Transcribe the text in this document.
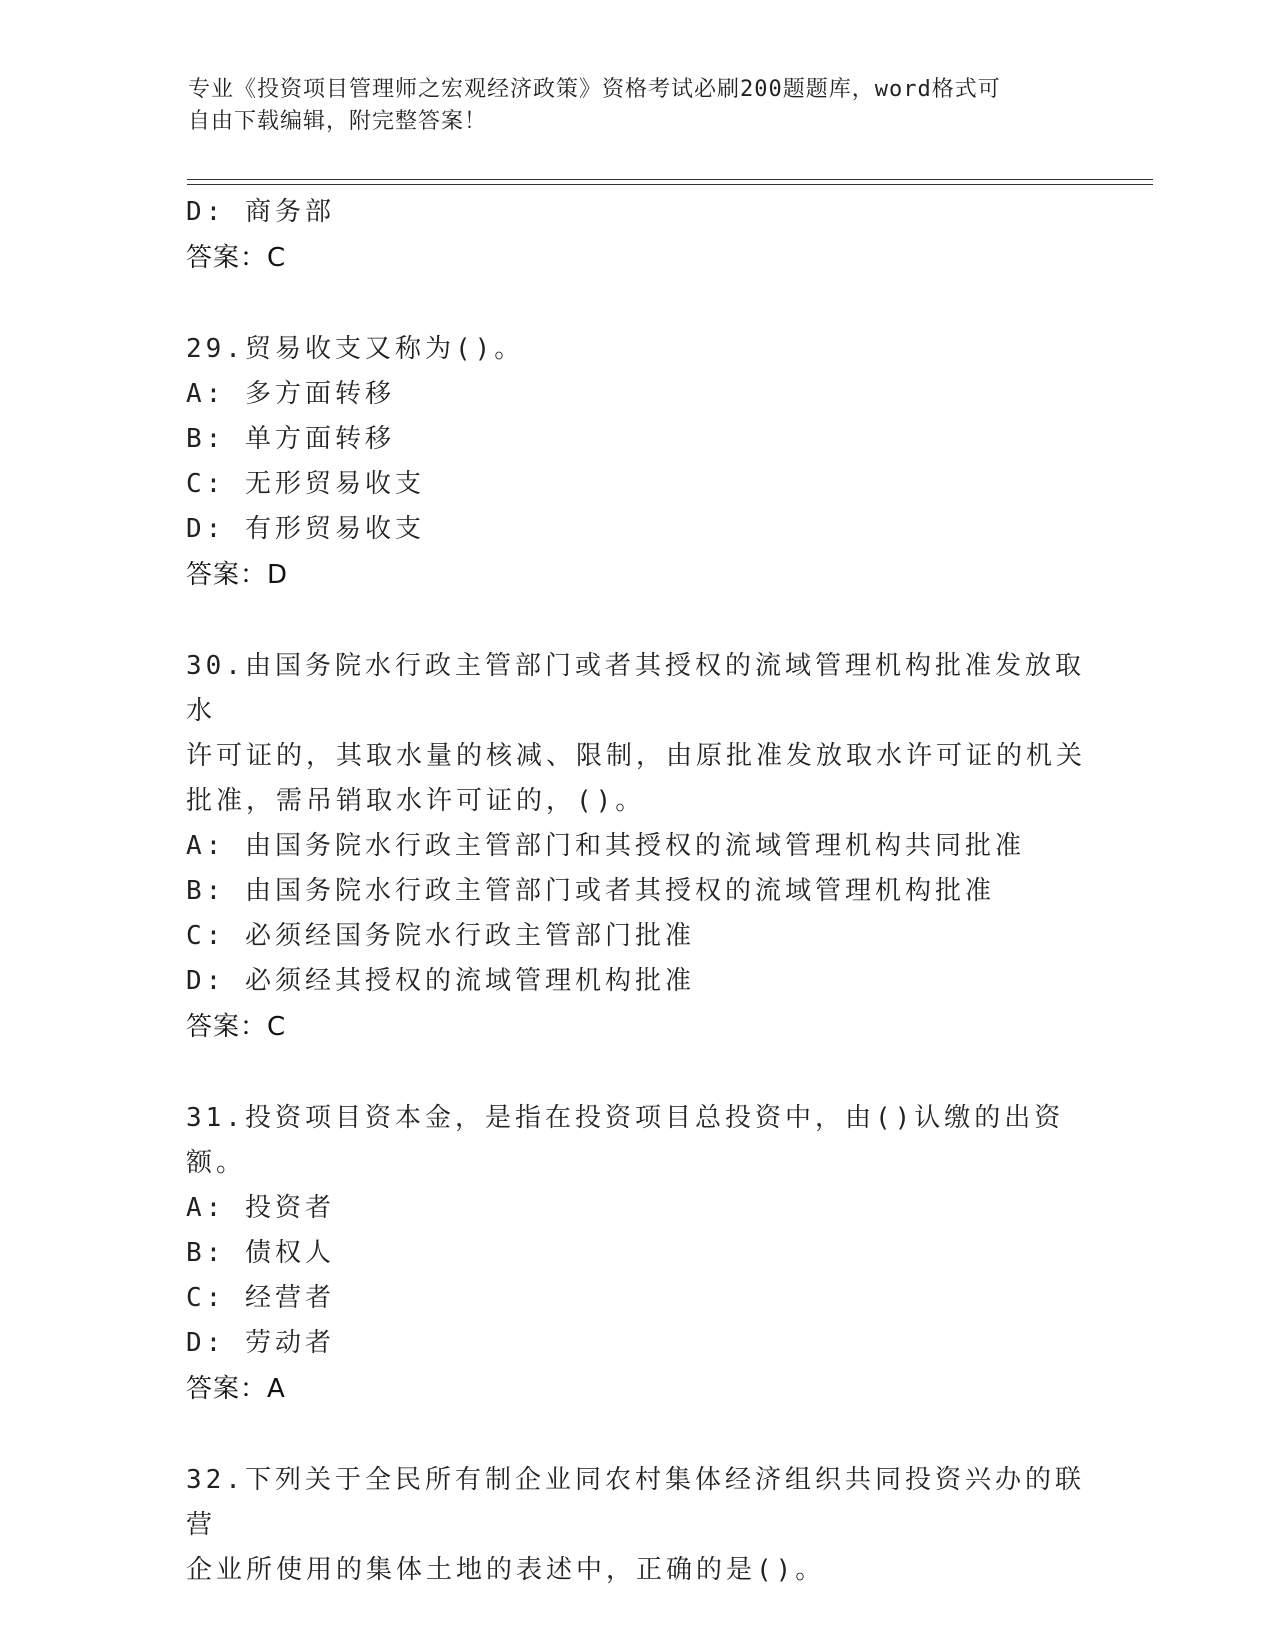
专业《投资项目管理师之宏观经济政策》资格考试必刷200题题库，word格式可
自由下载编辑，附完整答案！
D: 商务部
答案：C
29.贸易收支又称为()。
A: 多方面转移
B: 单方面转移
C: 无形贸易收支
D: 有形贸易收支
答案：D
30.由国务院水行政主管部门或者其授权的流域管理机构批准发放取水
许可证的，其取水量的核减、限制，由原批准发放取水许可证的机关
批准，需吊销取水许可证的，()。
A: 由国务院水行政主管部门和其授权的流域管理机构共同批准
B: 由国务院水行政主管部门或者其授权的流域管理机构批准
C: 必须经国务院水行政主管部门批准
D: 必须经其授权的流域管理机构批准
答案：C
31.投资项目资本金，是指在投资项目总投资中，由()认缴的出资额。
A: 投资者
B: 债权人
C: 经营者
D: 劳动者
答案：A
32.下列关于全民所有制企业同农村集体经济组织共同投资兴办的联营
企业所使用的集体土地的表述中，正确的是()。
